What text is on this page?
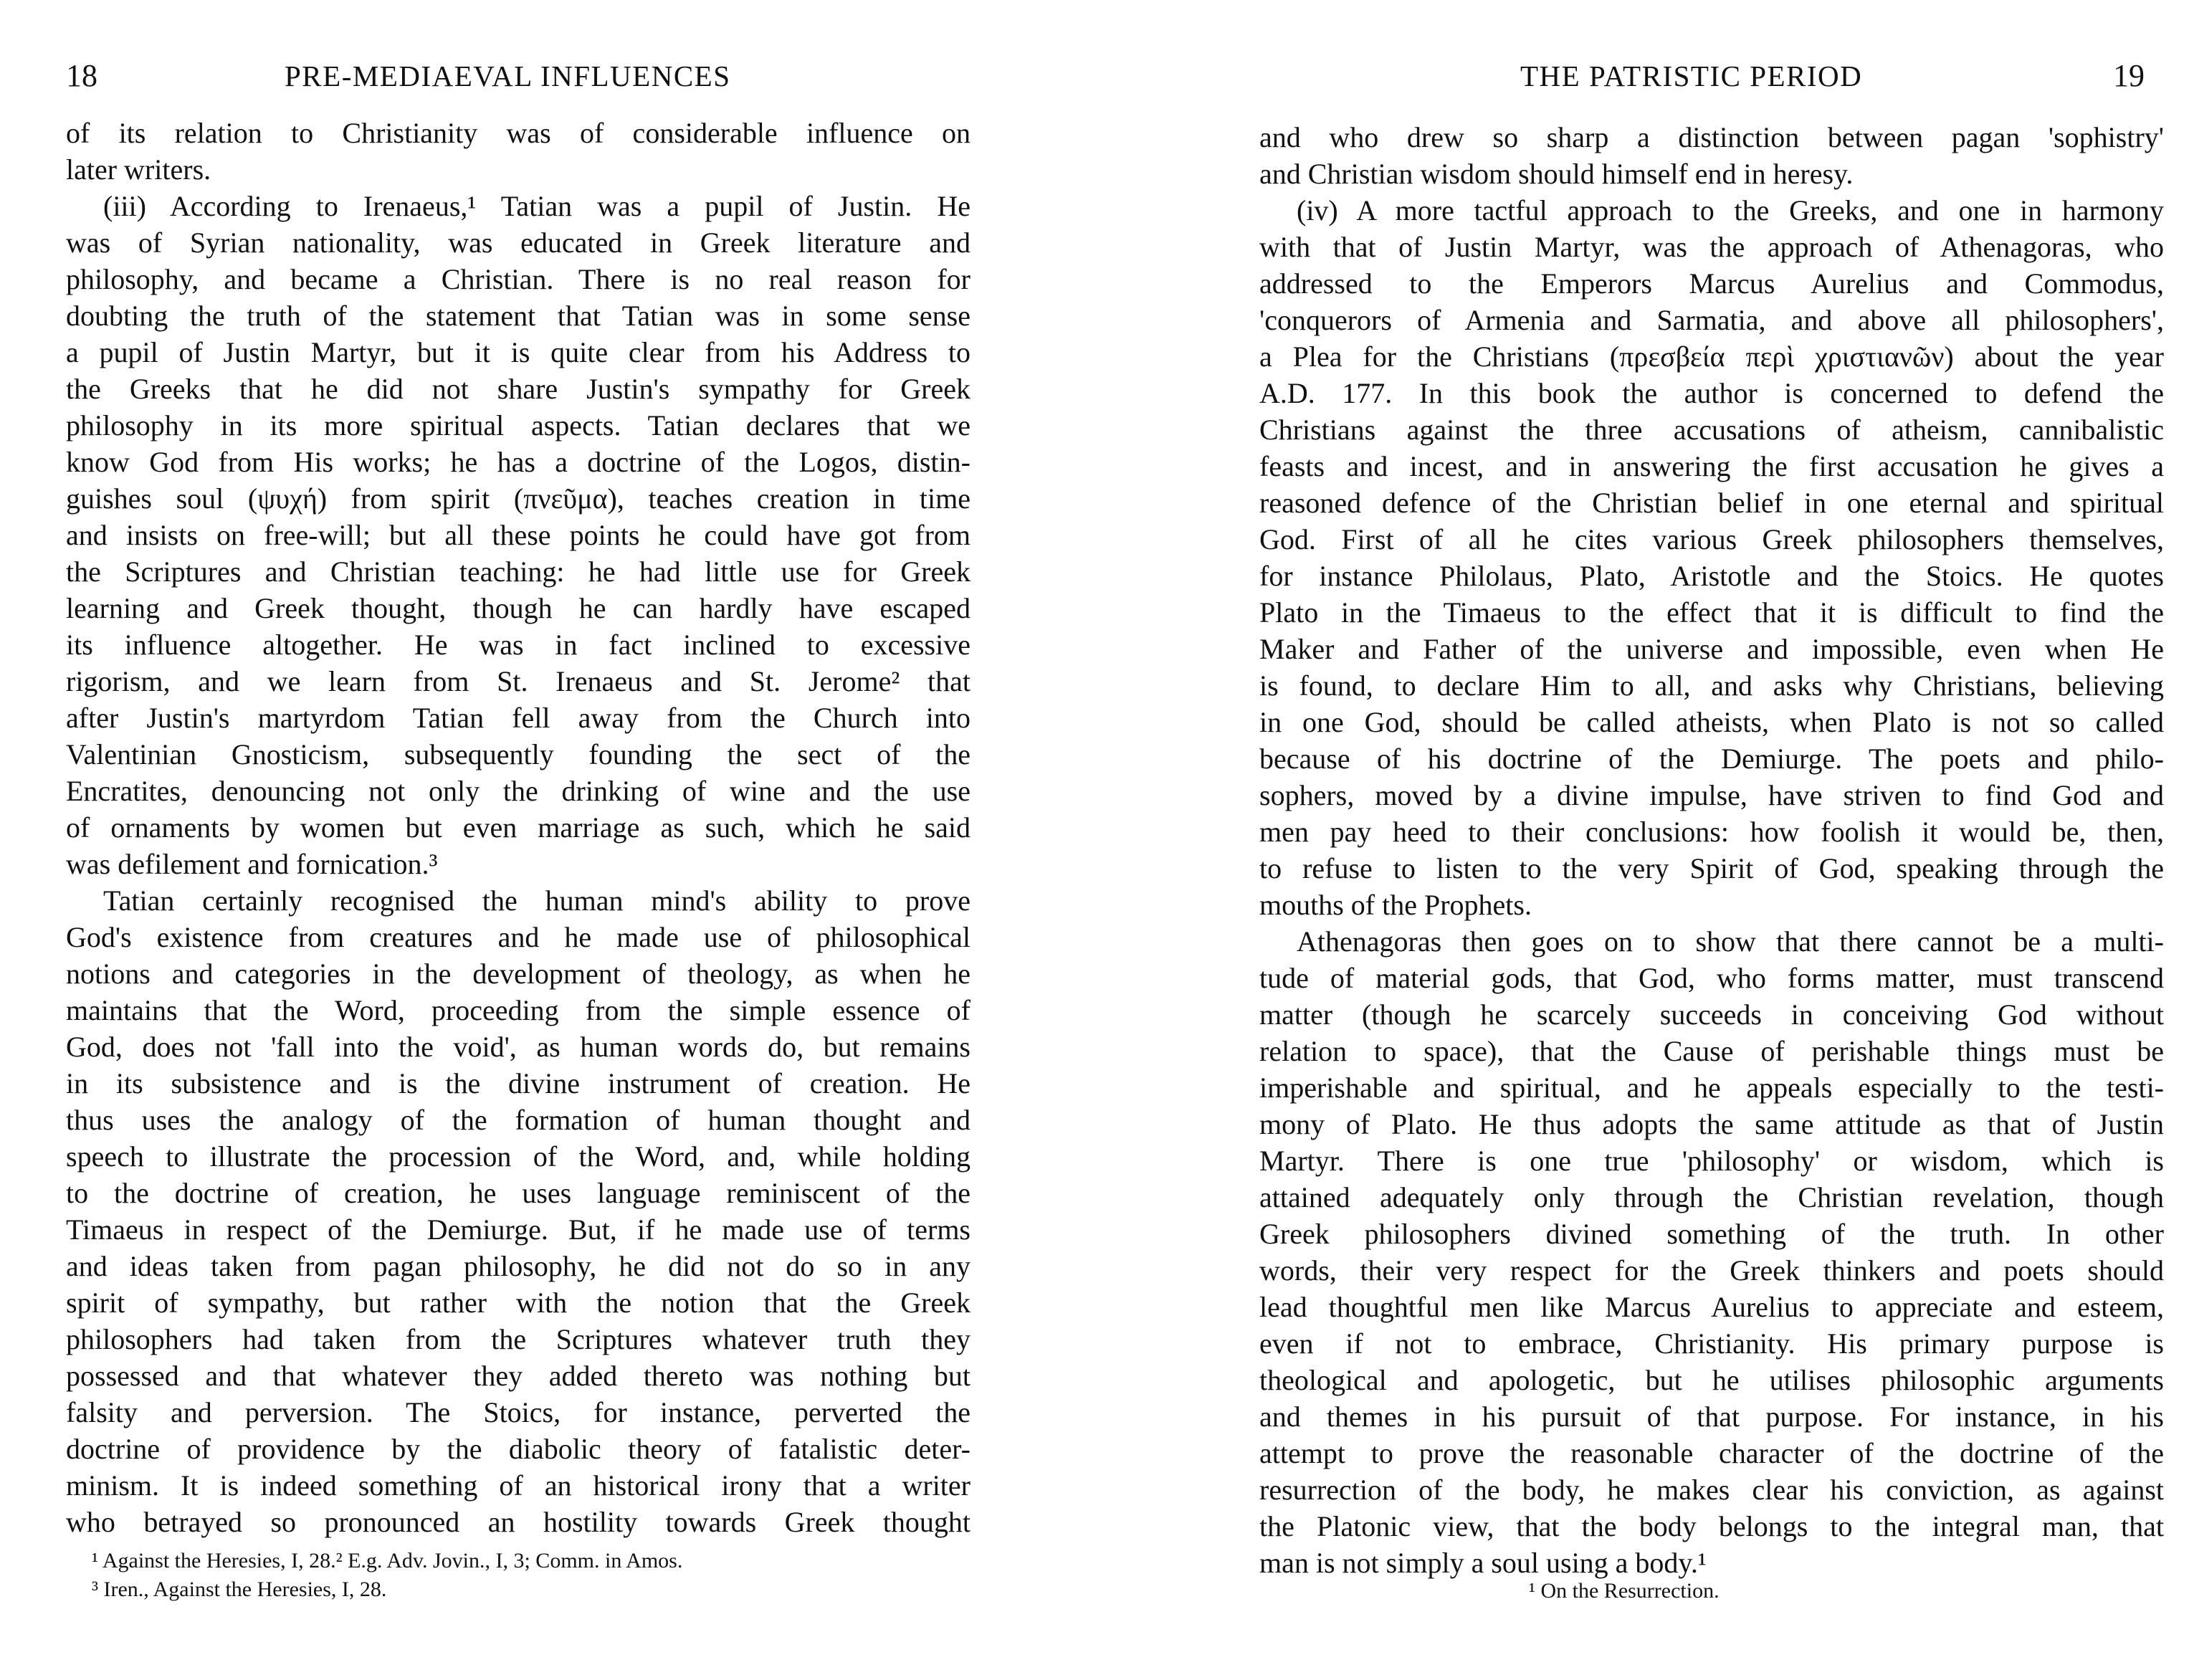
18	PRE-MEDIAEVAL INFLUENCES
of its relation to Christianity was of considerable influence on
later writers.
(iii) According to Irenaeus,¹ Tatian was a pupil of Justin. He
was of Syrian nationality, was educated in Greek literature and
philosophy, and became a Christian. There is no real reason for
doubting the truth of the statement that Tatian was in some sense
a pupil of Justin Martyr, but it is quite clear from his Address to
the Greeks that he did not share Justin's sympathy for Greek
philosophy in its more spiritual aspects. Tatian declares that we
know God from His works; he has a doctrine of the Logos, distin-
guishes soul (ψυχή) from spirit (πνεῦμα), teaches creation in time
and insists on free-will; but all these points he could have got from
the Scriptures and Christian teaching: he had little use for Greek
learning and Greek thought, though he can hardly have escaped
its influence altogether. He was in fact inclined to excessive
rigorism, and we learn from St. Irenaeus and St. Jerome² that
after Justin's martyrdom Tatian fell away from the Church into
Valentinian Gnosticism, subsequently founding the sect of the
Encratites, denouncing not only the drinking of wine and the use
of ornaments by women but even marriage as such, which he said
was defilement and fornication.³
Tatian certainly recognised the human mind's ability to prove
God's existence from creatures and he made use of philosophical
notions and categories in the development of theology, as when he
maintains that the Word, proceeding from the simple essence of
God, does not 'fall into the void', as human words do, but remains
in its subsistence and is the divine instrument of creation. He
thus uses the analogy of the formation of human thought and
speech to illustrate the procession of the Word, and, while holding
to the doctrine of creation, he uses language reminiscent of the
Timaeus in respect of the Demiurge. But, if he made use of terms
and ideas taken from pagan philosophy, he did not do so in any
spirit of sympathy, but rather with the notion that the Greek
philosophers had taken from the Scriptures whatever truth they
possessed and that whatever they added thereto was nothing but
falsity and perversion. The Stoics, for instance, perverted the
doctrine of providence by the diabolic theory of fatalistic deter-
minism. It is indeed something of an historical irony that a writer
who betrayed so pronounced an hostility towards Greek thought
¹ Against the Heresies, I, 28.² E.g. Adv. Jovin., I, 3; Comm. in Amos.
³ Iren., Against the Heresies, I, 28.
THE PATRISTIC PERIOD	19
and who drew so sharp a distinction between pagan 'sophistry'
and Christian wisdom should himself end in heresy.
(iv) A more tactful approach to the Greeks, and one in harmony
with that of Justin Martyr, was the approach of Athenagoras, who
addressed to the Emperors Marcus Aurelius and Commodus,
'conquerors of Armenia and Sarmatia, and above all philosophers',
a Plea for the Christians (πρεσβεία περὶ χριστιανῶν) about the year
A.D. 177. In this book the author is concerned to defend the
Christians against the three accusations of atheism, cannibalistic
feasts and incest, and in answering the first accusation he gives a
reasoned defence of the Christian belief in one eternal and spiritual
God. First of all he cites various Greek philosophers themselves,
for instance Philolaus, Plato, Aristotle and the Stoics. He quotes
Plato in the Timaeus to the effect that it is difficult to find the
Maker and Father of the universe and impossible, even when He
is found, to declare Him to all, and asks why Christians, believing
in one God, should be called atheists, when Plato is not so called
because of his doctrine of the Demiurge. The poets and philo-
sophers, moved by a divine impulse, have striven to find God and
men pay heed to their conclusions: how foolish it would be, then,
to refuse to listen to the very Spirit of God, speaking through the
mouths of the Prophets.
Athenagoras then goes on to show that there cannot be a multi-
tude of material gods, that God, who forms matter, must transcend
matter (though he scarcely succeeds in conceiving God without
relation to space), that the Cause of perishable things must be
imperishable and spiritual, and he appeals especially to the testi-
mony of Plato. He thus adopts the same attitude as that of Justin
Martyr. There is one true 'philosophy' or wisdom, which is
attained adequately only through the Christian revelation, though
Greek philosophers divined something of the truth. In other
words, their very respect for the Greek thinkers and poets should
lead thoughtful men like Marcus Aurelius to appreciate and esteem,
even if not to embrace, Christianity. His primary purpose is
theological and apologetic, but he utilises philosophic arguments
and themes in his pursuit of that purpose. For instance, in his
attempt to prove the reasonable character of the doctrine of the
resurrection of the body, he makes clear his conviction, as against
the Platonic view, that the body belongs to the integral man, that
man is not simply a soul using a body.¹
¹ On the Resurrection.
